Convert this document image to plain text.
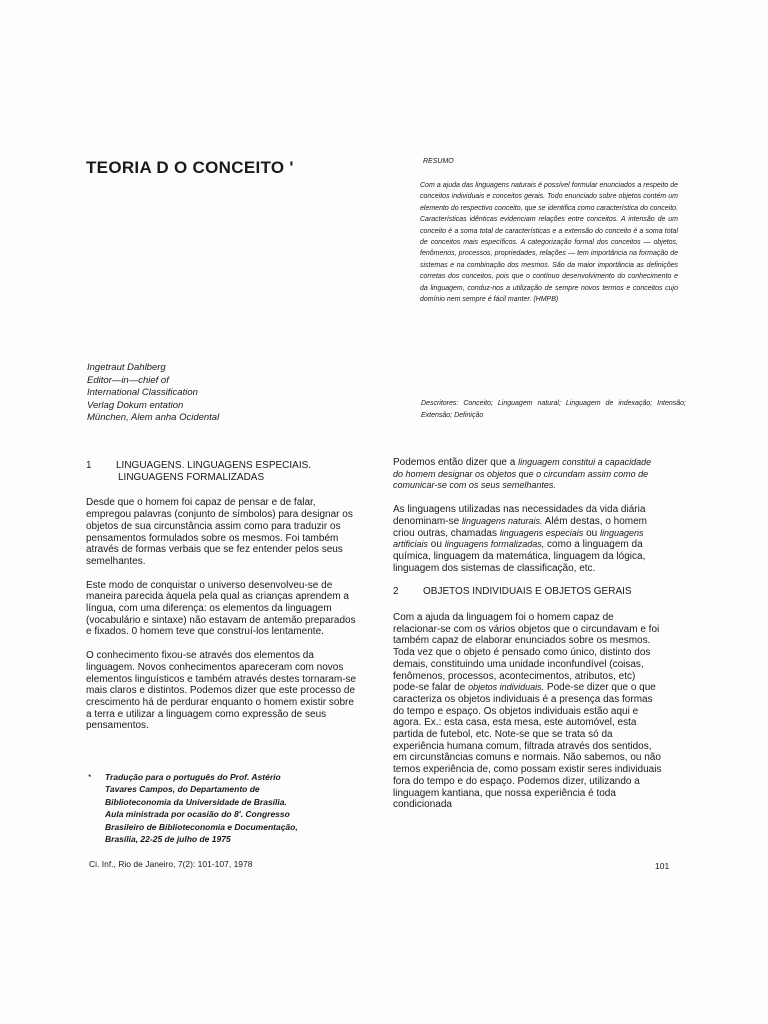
TEORIA D O CONCEITO '	RESUMO
Com a ajuda das linguagens naturais é possível formular enunciados a respeito de conceitos individuais e conceitos gerais. Todo enunciado sobre objetos contém um elemento do respectivo conceito, que se identifica como característica do conceito. Características idênticas evidenciam relações entre conceitos. A intensão de um conceito é a soma total de características e a extensão do conceito é a soma total de conceitos mais específicos. A categorização formal dos conceitos — objetos, fenômenos, processos, propriedades, relações — tem importância na formação de sistemas e na combinação dos mesmos. São da maior importância as definições corretas dos conceitos, pois que o contínuo desenvolvimento do conhecimento e da linguagem, conduz-nos a utilização de sempre novos termos e conceitos cujo domínio nem sempre é fácil manter. (HMPB)
Ingetraut Dahlberg
Editor—in—chief of
International Classification
Verlag Dokum entation
München, Alem anha Ocidental
Descritores: Conceito; Linguagem natural; Linguagem de indexação; Intensão; Extensão; Definição
1 LINGUAGENS. LINGUAGENS ESPECIAIS.
LINGUAGENS FORMALIZADAS

Desde que o homem foi capaz de pensar e de falar, empregou palavras (conjunto de símbolos) para designar os objetos de sua circunstância assim como para traduzir os pensamentos formulados sobre os mesmos. Foi também através de formas verbais que se fez entender pelos seus semelhantes.

Este modo de conquistar o universo desenvolveu-se de maneira parecida àquela pela qual as crianças aprendem a língua, com uma diferença: os elementos da linguagem (vocabulário e sintaxe) não estavam de antemão preparados e fixados. 0 homem teve que construí-los lentamente.

O conhecimento fixou-se através dos elementos da linguagem. Novos conhecimentos apareceram com novos elementos linguísticos e também através destes tornaram-se mais claros e distintos. Podemos dizer que este processo de crescimento há de perdurar enquanto o homem existir sobre a terra e utilizar a linguagem como expressão de seus pensamentos.

* Tradução para o português do Prof. Astério
Tavares Campos, do Departamento de
Biblioteconomia da Universidade de Brasília.
Aula ministrada por ocasião do 8'. Congresso
Brasileiro de Biblioteconomia e Documentação,
Brasília, 22-25 de julho de 1975
Ci. Inf., Rio de Janeiro, 7(2): 101-107, 1978	101

Podemos então dizer que a linguagem constitui a capacidade do homem designar os objetos que o circundam assim como de comunicar-se com os seus semelhantes.

As linguagens utilizadas nas necessidades da vida diária denominam-se linguagens naturais. Além destas, o homem criou outras, chamadas linguagens especiais ou linguagens artificiais ou linguagens formalizadas, como a linguagem da química, linguagem da matemática, linguagem da lógica, linguagem dos sistemas de classificação, etc.

2 OBJETOS INDIVIDUAIS E OBJETOS GERAIS

Com a ajuda da linguagem foi o homem capaz de relacionar-se com os vários objetos que o circundavam e foi também capaz de elaborar enunciados sobre os mesmos. Toda vez que o objeto é pensado como único, distinto dos demais, constituindo uma unidade inconfundível (coisas, fenômenos, processos, acontecimentos, atributos, etc) pode-se falar de objetos individuais. Pode-se dizer que o que caracteriza os objetos individuais é a presença das formas do tempo e espaço. Os objetos individuais estão aqui e agora. Ex.: esta casa, esta mesa, este automóvel, esta partida de futebol, etc. Note-se que se trata só da experiência humana comum, filtrada através dos sentidos, em circunstâncias comuns e normais. Não sabemos, ou não temos experiência de, como possam existir seres individuais fora do tempo e do espaço. Podemos dizer, utilizando a linguagem kantiana, que nossa experiência é toda condicionada
